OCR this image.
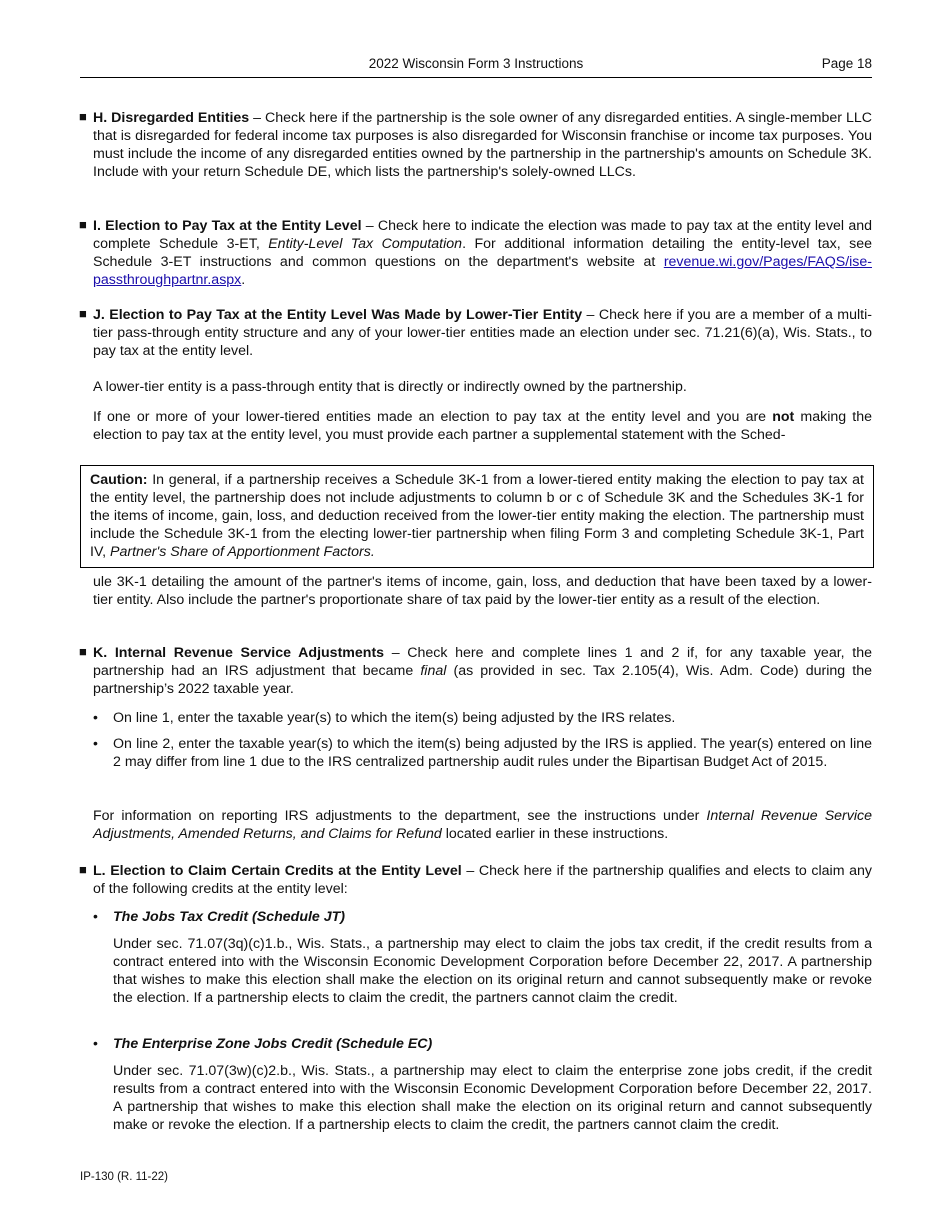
2022 Wisconsin Form 3 Instructions	Page 18
■ H. Disregarded Entities – Check here if the partnership is the sole owner of any disregarded entities. A single-member LLC that is disregarded for federal income tax purposes is also disregarded for Wisconsin franchise or income tax purposes. You must include the income of any disregarded entities owned by the partnership in the partnership's amounts on Schedule 3K. Include with your return Schedule DE, which lists the partnership's solely-owned LLCs.

■ I. Election to Pay Tax at the Entity Level – Check here to indicate the election was made to pay tax at the entity level and complete Schedule 3-ET, Entity-Level Tax Computation. For additional information detailing the entity-level tax, see Schedule 3-ET instructions and common questions on the department's website at revenue.wi.gov/Pages/FAQS/ise-passthroughpartnr.aspx.

■ J. Election to Pay Tax at the Entity Level Was Made by Lower-Tier Entity – Check here if you are a member of a multi-tier pass-through entity structure and any of your lower-tier entities made an election under sec. 71.21(6)(a), Wis. Stats., to pay tax at the entity level.

A lower-tier entity is a pass-through entity that is directly or indirectly owned by the partnership.

If one or more of your lower-tiered entities made an election to pay tax at the entity level and you are not making the election to pay tax at the entity level, you must provide each partner a supplemental statement with the Sched-

Caution: In general, if a partnership receives a Schedule 3K-1 from a lower-tiered entity making the election to pay tax at the entity level, the partnership does not include adjustments to column b or c of Schedule 3K and the Schedules 3K-1 for the items of income, gain, loss, and deduction received from the lower-tier entity making the election. The partnership must include the Schedule 3K-1 from the electing lower-tier partnership when filing Form 3 and completing Schedule 3K-1, Part IV, Partner's Share of Apportionment Factors.

ule 3K-1 detailing the amount of the partner's items of income, gain, loss, and deduction that have been taxed by a lower-tier entity. Also include the partner's proportionate share of tax paid by the lower-tier entity as a result of the election.

■ K. Internal Revenue Service Adjustments – Check here and complete lines 1 and 2 if, for any taxable year, the partnership had an IRS adjustment that became final (as provided in sec. Tax 2.105(4), Wis. Adm. Code) during the partnership’s 2022 taxable year.

• On line 1, enter the taxable year(s) to which the item(s) being adjusted by the IRS relates.

• On line 2, enter the taxable year(s) to which the item(s) being adjusted by the IRS is applied. The year(s) entered on line 2 may differ from line 1 due to the IRS centralized partnership audit rules under the Bipartisan Budget Act of 2015.

For information on reporting IRS adjustments to the department, see the instructions under Internal Revenue Service Adjustments, Amended Returns, and Claims for Refund located earlier in these instructions.

■ L. Election to Claim Certain Credits at the Entity Level – Check here if the partnership qualifies and elects to claim any of the following credits at the entity level:

• The Jobs Tax Credit (Schedule JT)

Under sec. 71.07(3q)(c)1.b., Wis. Stats., a partnership may elect to claim the jobs tax credit, if the credit results from a contract entered into with the Wisconsin Economic Development Corporation before December 22, 2017. A partnership that wishes to make this election shall make the election on its original return and cannot subsequently make or revoke the election. If a partnership elects to claim the credit, the partners cannot claim the credit.

• The Enterprise Zone Jobs Credit (Schedule EC)

Under sec. 71.07(3w)(c)2.b., Wis. Stats., a partnership may elect to claim the enterprise zone jobs credit, if the credit results from a contract entered into with the Wisconsin Economic Development Corporation before December 22, 2017. A partnership that wishes to make this election shall make the election on its original return and cannot subsequently make or revoke the election. If a partnership elects to claim the credit, the partners cannot claim the credit.

IP-130 (R. 11-22)
